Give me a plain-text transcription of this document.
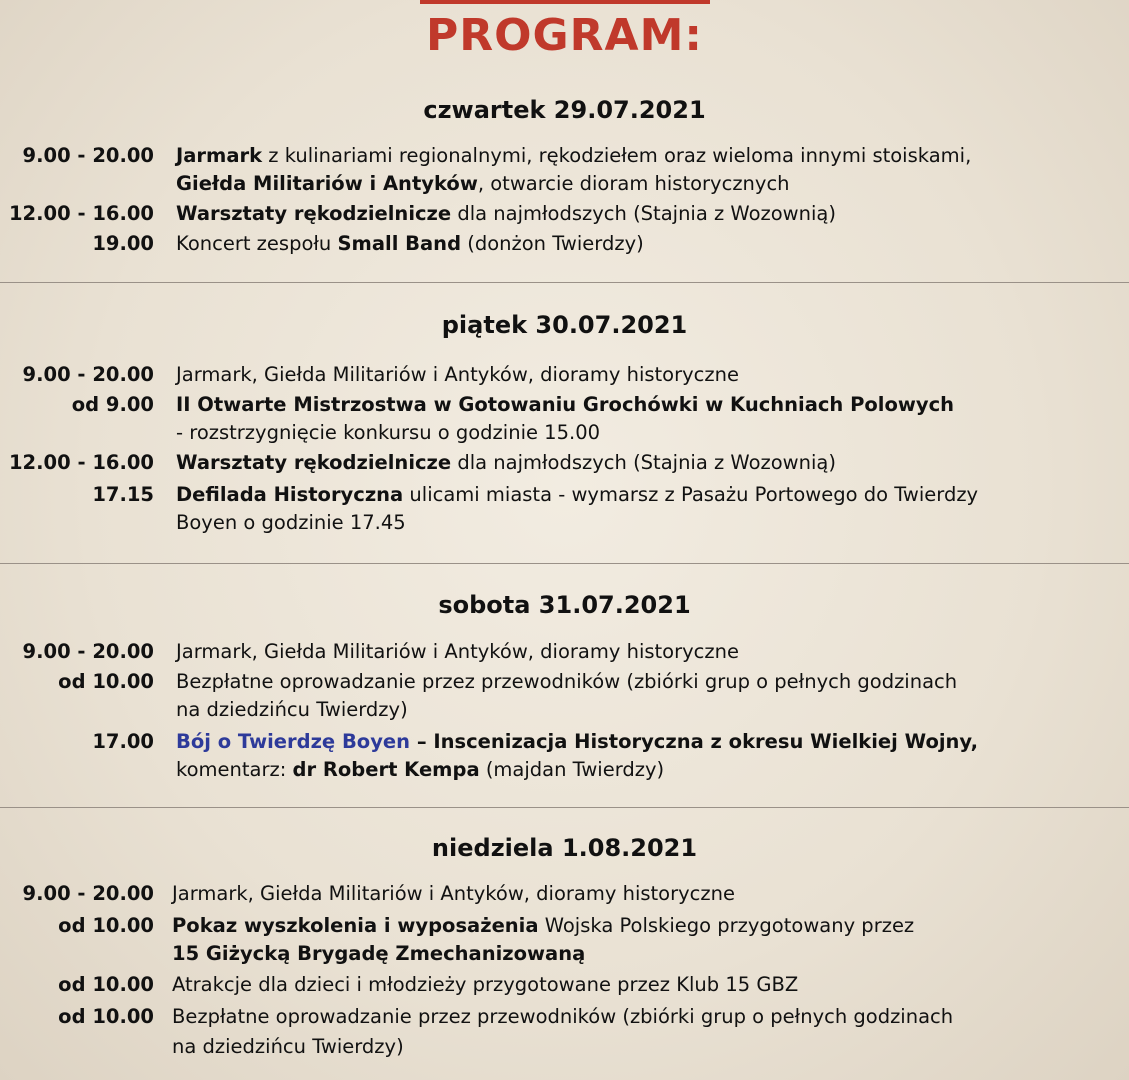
PROGRAM:
czwartek 29.07.2021
9.00 - 20.00 Jarmark z kulinariami regionalnymi, rękodziełem oraz wieloma innymi stoiskami,
Giełda Militariów i Antyków, otwarcie dioram historycznych
12.00 - 16.00 Warsztaty rękodzielnicze dla najmłodszych (Stajnia z Wozownią)
19.00 Koncert zespołu Small Band (donżon Twierdzy)
piątek 30.07.2021
9.00 - 20.00 Jarmark, Giełda Militariów i Antyków, dioramy historyczne
od 9.00 II Otwarte Mistrzostwa w Gotowaniu Grochówki w Kuchniach Polowych
- rozstrzygnięcie konkursu o godzinie 15.00
12.00 - 16.00 Warsztaty rękodzielnicze dla najmłodszych (Stajnia z Wozownią)
17.15 Defilada Historyczna ulicami miasta - wymarsz z Pasażu Portowego do Twierdzy
Boyen o godzinie 17.45
sobota 31.07.2021
9.00 - 20.00 Jarmark, Giełda Militariów i Antyków, dioramy historyczne
od 10.00 Bezpłatne oprowadzanie przez przewodników (zbiórki grup o pełnych godzinach
na dziedzińcu Twierdzy)
17.00 Bój o Twierdzę Boyen – Inscenizacja Historyczna z okresu Wielkiej Wojny,
komentarz: dr Robert Kempa (majdan Twierdzy)
niedziela 1.08.2021
9.00 - 20.00 Jarmark, Giełda Militariów i Antyków, dioramy historyczne
od 10.00 Pokaz wyszkolenia i wyposażenia Wojska Polskiego przygotowany przez
15 Giżycką Brygadę Zmechanizowaną
od 10.00 Atrakcje dla dzieci i młodzieży przygotowane przez Klub 15 GBZ
od 10.00 Bezpłatne oprowadzanie przez przewodników (zbiórki grup o pełnych godzinach
na dziedzińcu Twierdzy)
